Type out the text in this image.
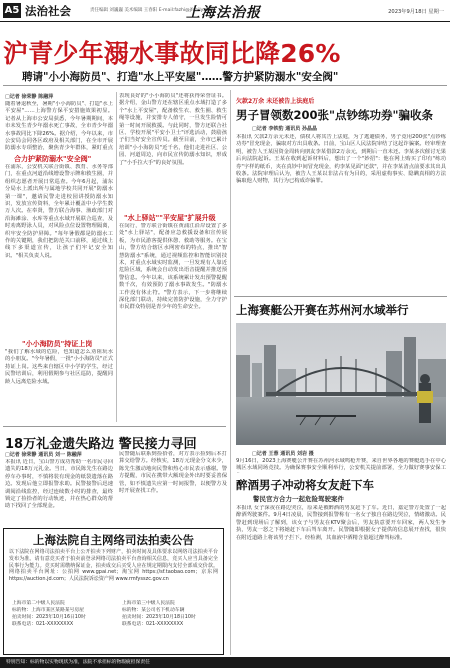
A5 法治社会	责任编辑 刘巍巍 美术编辑 王春阳 E-mail:fazhi@jfdaily.com
上海法治报	2023年9月18日 星期一
沪青少年溺水事故同比降26%
聘请"小小海防员"、打造"水上平安屋"……警方护紧防溺水"安全阀"
□记者 徐荣静 陈融萍
随着暑退秋至，暑期"小小海防员"、打造"水上平安屋"……上海警方保平安措施效果初显。记者从上海市公安局获悉，今年暑期期间，本市未发生青少年溺水死亡事故，全市青少年溺水事故同比下降26%。据介绍，今年以来，市公安局会同各区政府及相关部门，在全市开展防溺水专项整治，聚焦青少年群体，紧盯重点
合力护紧防溺水"安全阀"
在浦东，公安机关联合街镇、教育、水务等部门，在重点河道沿线增设警示牌和救生圈，并组织志愿者开展日常巡查。今年6月起，浦东分局水上派出所与属地学校共同开展"防溺水第一课"，邀请民警走进校园讲授防溺水知识，发放宣传资料，全年累计覆盖中小学生数万人次。在奉贤，警方联合海事、渔政部门对沿海滩涂、水库等重点水域开展联合巡查，及时劝离野泳人员，对风险点位设置物理隔离，织牢安全防护屏障。"每年暑假都是防溺水工作的关键期，我们把防范关口前移，通过线上线下多渠道宣传，让孩子们牢记安全知识。"相关负责人说。
"小小海防员"持证上岗
"我们了解水域的危险，也知道怎么劝阻玩水的小朋友。"今年暑假，一批"小小海防员"正式持证上岗。这些来自辖区中小学的学生，经过民警培训后，利用假期参与社区巡防，提醒同龄人远离危险水域。
表现良好的"小小海防员"还将获得荣誉证书。据介绍，金山警方还在辖区重点水域打造了多个"水上平安屋"，配备救生衣、救生圈、救生绳等设施，并安排专人值守，一旦发生险情可第一时间开展救援。与此同时，警方还联合社区、学校开展"平安小卫士"评选活动，鼓励孩子们当好安全宣传员。截至目前，全市已累计培训"小小海防员"近千名，他们走进社区、公园、河道周边，向市民宣传防溺水知识，形成了"小手拉大手"的良好氛围。
"水上驿站""平安屋"扩展升级
在闵行，警方联合街镇在黄浦江沿岸设置了多处"水上驿站"，配备应急救援设备和宣传展板，为市民游客提供休憩、救助等服务。在宝山，警方结合辖区水网密布的特点，推出"智慧防溺水"系统，通过视频监控和智能识别技术，对重点水域实时监测，一旦发现有人靠近危险区域，系统会自动发出语音提醒并推送预警信息。今年以来，该系统累计发出预警提醒数千次，有效预防了溺水事故发生。"防溺水工作没有休止符。"警方表示，下一步将继续深化部门联动，持续完善防护设施，全力守护市民群众特别是青少年的生命安全。
18万礼金遗失路边 警民接力寻回
□记者 徐荣静 通讯员 刘一 陈融萍
本报讯 近日，宝山警方成功帮助一名市民寻回遗失的18万元礼金。当日，市民陈先生在路边停车办事时，不慎将装有现金的纸袋遗落在路边。发现后他立即报警求助。民警接警后迅速调阅沿线监控，经过连续数小时的排查，最终锁定了捡拾者的行动轨迹，并在热心群众的帮助下找回了全部现金。
民警随后联系到捡拾者，对方表示捡到后本打算交给警方。经核实，18万元现金分文未少，陈先生激动地向民警和热心市民表示感谢。警方提醒，市民在携带大额现金外出时要妥善保管，如不慎遗失应第一时间报警，以便警方及时开展查找工作。
上海法院自主网络司法拍卖公告
以下法院在网络司法拍卖平台上公开拍卖下列财产，拍卖时间及具体要求以网络司法拍卖平台发布为准。请有意竞买者于拍卖前登录网络司法拍卖平台查询相关信息，竞买人应当具备完全民事行为能力。竞买时需缴纳保证金，拍卖成交后买受人应在规定期限内支付全部成交价款。 网络拍卖平台网址：公拍网 www.gpai.net；淘宝网 https://sf.taobao.com；京东网 https://auction.jd.com；人民法院诉讼资产网 www.rmfysszc.gov.cn
上海市第二中级人民法院
标的物：上海市某区某路某号房屋
拍卖时间：2023年10月16日10时
联系电话：021-XXXXXXXX
上海市第三中级人民法院
标的物：某公司名下机动车辆
拍卖时间：2023年10月18日10时
联系电话：021-XXXXXXXX
欠款2万余 未还被告上法庭后
男子冒领数200张"点钞练功券"骗收条
□记者 李铁豹 通讯员 孙晶晶
本报讯 欠款2万余元未还，债权人将其告上法庭，为了逃避债务，男子竟用200张"点钞练功券"冒充现金，骗取对方出具收条。日前，宝山区人民法院审结了这起诈骗案。经审理查明，被告人王某因资金周转向朋友李某借款2万余元，到期后一直未还。李某多次催讨无果后向法院起诉。王某在收到起诉材料后，想出了一个"妙招"：他在网上购买了印有"练功券"字样的纸币，夹在真钞中间冒充现金，约李某见面"还款"，并在李某清点前要求其出具收条。法院审理后认为，被告人王某以非法占有为目的，采用虚构事实、隐瞒真相的方法骗取他人财物，其行为已构成诈骗罪。
上海赛艇公开赛在苏州河水域举行
□记者 王蓉 通讯员 刘岩 摄
9月16日，2023上海赛艇公开赛在苏州河水域鸣枪开赛，来自世界各地的赛艇选手在中心城区水域同场竞技。为确保赛事安全顺利举行，公安机关提前部署，全力做好赛事安保工
醉酒男子冲动将女友赶下车
警民官方合力一起危险驾驶案件
本报讯 女子深夜在路边哭泣，原来是被醉酒的男友赶下了车。近日，嘉定警方处置了一起醉酒驾驶案件。9月4日凌晨，民警接到报警称有一名女子独自在路边哭泣，情绪激动。民警赶到现场后了解到，该女子与男友在KTV聚会后，男友执意要开车回家，两人发生争执，男友一怒之下将她赶下车后驾车离开。民警随即根据女子提供的信息展开查找，很快在附近道路上将该男子拦下。经检测，其血液中酒精含量超过醉驾标准。
特别告知：标的物以实物现状为准，法院不承担标的物瑕疵担保责任
